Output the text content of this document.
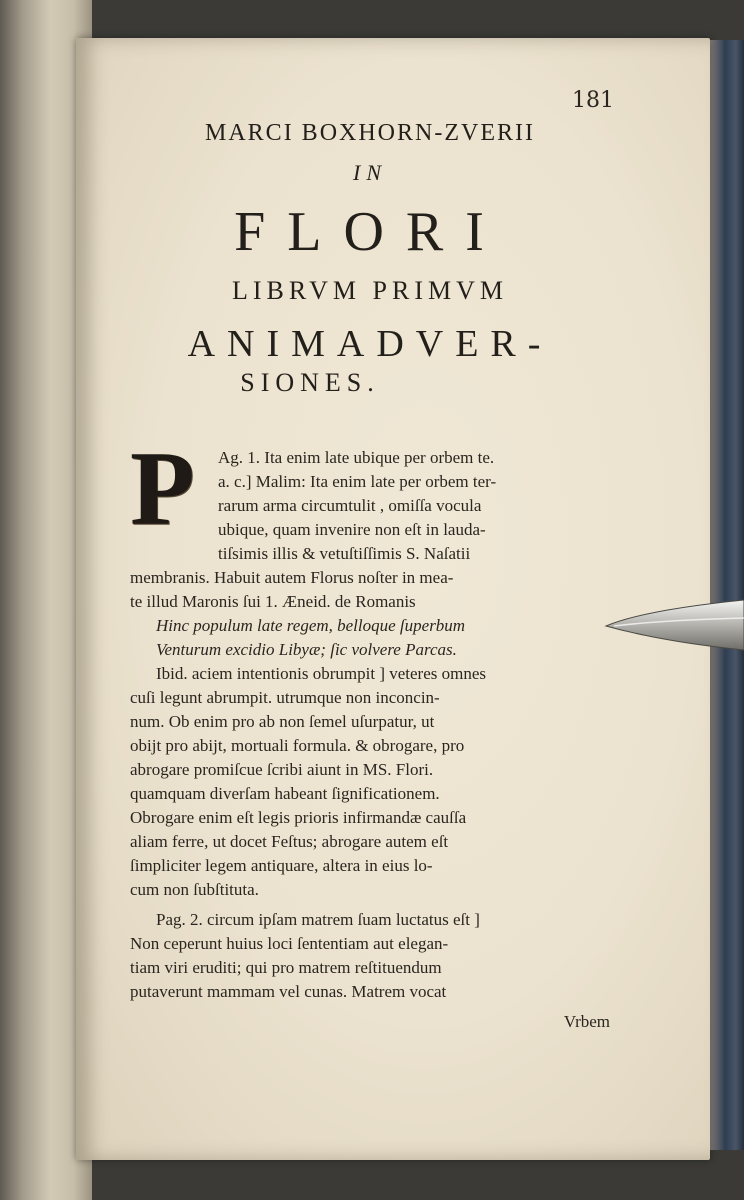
181
MARCI BOXHORN-ZVERII
IN
FLORI
LIBRVM PRIMVM
ANIMADVER-
SIONES.
P Ag. 1. Ita enim late ubique per orbem te.
a. c.] Malim: Ita enim late per orbem ter-
rarum arma circumtulit , omiſſa vocula
ubique, quam invenire non eſt in lauda-
tiſsimis illis & vetuſtiſſimis S. Naſatii
membranis. Habuit autem Florus noſter in mea-
te illud Maronis ſui 1. Æneid. de Romanis
Hinc populum late regem, belloque ſuperbum
Venturum excidio Libyæ; ſic volvere Parcas.
Ibid. aciem intentionis obrumpit ] veteres omnes
cuſi legunt abrumpit. utrumque non inconcin-
num. Ob enim pro ab non ſemel uſurpatur, ut
obijt pro abijt, mortuali formula. & obrogare, pro
abrogare promiſcue ſcribi aiunt in MS. Flori.
quamquam diverſam habeant ſignificationem.
Obrogare enim eſt legis prioris infirmandæ cauſſa
aliam ferre, ut docet Feſtus; abrogare autem eſt
ſimpliciter legem antiquare, altera in eius lo-
cum non ſubſtituta.
Pag. 2. circum ipſam matrem ſuam luctatus eſt ]
Non ceperunt huius loci ſententiam aut elegan-
tiam viri eruditi; qui pro matrem reſtituendum
putaverunt mammam vel cunas. Matrem vocat
Vrbem
